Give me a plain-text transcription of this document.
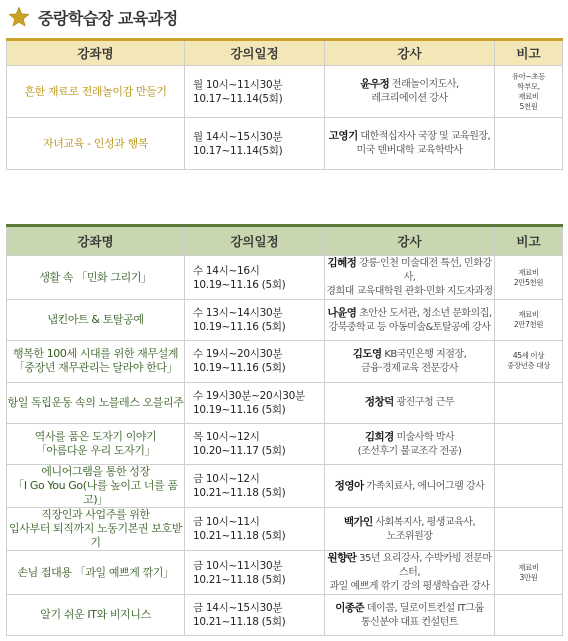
중랑학습장 교육과정
강좌명	강의일정	강사	비고
흔한 재료로 전래놀이감 만들기	월 10시~11시30분
10.17~11.14(5회)	윤우정 전래놀이지도사,
레크리에이션 강사	유아~초등
학부모,
재료비
5천원

자녀교육 - 인성과 행복	월 14시~15시30분
10.17~11.14(5회)	고영기 대한적십자사 국장 및 교육원장,
미국 덴버대학 교육학박사	

강좌명	강의일정	강사	비고

생활 속 「민화 그리기」	수 14시~16시
10.19~11.16 (5회)	김혜정 강릉·인천 미술대전 특선, 민화강사,
경희대 교육대학원 관화·민화 지도자과정	재료비
2만5천원

냅킨아트 & 토탈공예	수 13시~14시30분
10.19~11.16 (5회)	나윤영 초안산 도서관, 청소년 문화의집,
강북중학교 등 아동미술&토탈공예 강사	재료비
2만7천원

행복한 100세 시대를 위한 재무설계
「중장년 재무관리는 달라야 한다」	수 19시~20시30분
10.19~11.16 (5회)	김도영 KB국민은행 지점장,
금융·경제교육 전문강사	45세 이상
중장년층 대상

항일 독립운동 속의 노블레스 오블리주	수 19시30분~20시30분
10.19~11.16 (5회)	정창덕 광진구청 근무	

역사를 품은 도자기 이야기
「아름다운 우리 도자기」	목 10시~12시
10.20~11.17 (5회)	김희경 미술사학 박사
(조선후기 불교조각 전공)	

에니어그램을 통한 성장
「I Go You Go(나를 높이고 너를 품고)」	금 10시~12시
10.21~11.18 (5회)	정영아 가족치료사, 에니어그램 강사	

직장인과 사업주를 위한
입사부터 퇴직까지 노동기본권 보호받기	금 10시~11시
10.21~11.18 (5회)	백가인 사회복지사, 평생교육사,
노조위원장	

손님 접대용 「과일 예쁘게 깎기」	금 10시~11시30분
10.21~11.18 (5회)	원향란 35년 요리강사, 수박카빙 전문마스터,
과일 예쁘게 깎기 강의 평생학습관 강사	재료비
3만원

알기 쉬운 IT와 비지니스	금 14시~15시30분
10.21~11.18 (5회)	이종준 데이콤, 딜로이트컨설 IT그룹
통신분야 대표 컨설턴트	
